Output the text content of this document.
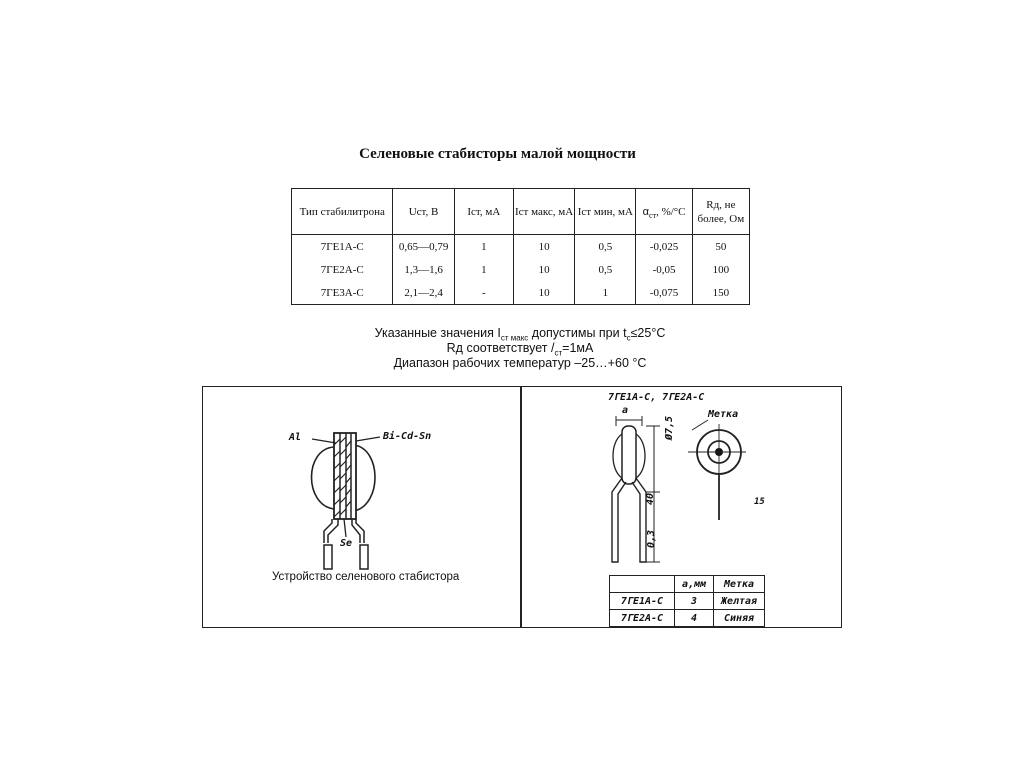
Селеновые стабисторы малой мощности
Тип стабилитрона	Uст, В	Iст, мА	Iст макс, мА	Iст мин, мА	$\alpha_{ст}$, %/°С	Rд, не более, Ом
7ГЕ1А-С	0,65—0,79	1	10	0,5	-0,025	50
7ГЕ2А-С	1,3—1,6	1	10	0,5	-0,05	100
7ГЕ3А-С	2,1—2,4	-	10	1	-0,075	150
Указанные значения $I_{ст макс}$ допустимы при $t_c\le 25^\circ С$
Rд соответствует $/_{ст}=1мА$
Диапазон рабочих температур –25…+60 °С
Al	Bi-Cd-Sn
Se
Устройство селенового стабистора
7ГЕ1А-С, 7ГЕ2А-С
a	Метка
Ø7,5
40
0,3
15
	a,мм	Метка
7ГЕ1А-С	3	Желтая
7ГЕ2А-С	4	Синяя
